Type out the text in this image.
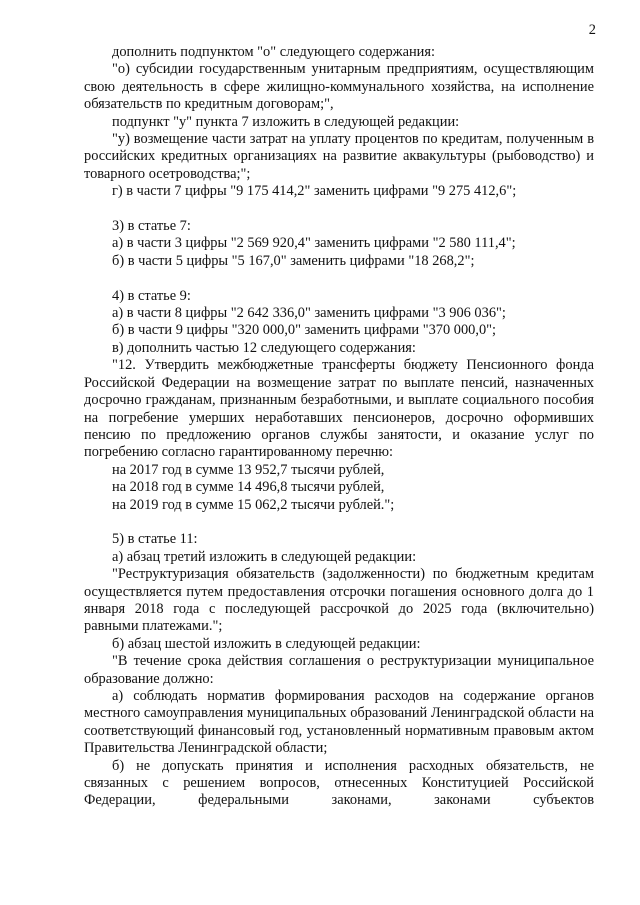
2

дополнить подпунктом "о" следующего содержания:

"о) субсидии государственным унитарным предприятиям, осуществляющим свою деятельность в сфере жилищно-коммунального хозяйства, на исполнение обязательств по кредитным договорам;",

подпункт "у" пункта 7 изложить в следующей редакции:

"у) возмещение части затрат на уплату процентов по кредитам, полученным в российских кредитных организациях на развитие аквакультуры (рыбоводство) и товарного осетроводства;";

г) в части 7 цифры "9 175 414,2" заменить цифрами "9 275 412,6";

3) в статье 7:

а) в части 3 цифры "2 569 920,4" заменить цифрами "2 580 111,4";

б) в части 5 цифры "5 167,0" заменить цифрами "18 268,2";

4) в статье 9:

а) в части 8 цифры "2 642 336,0" заменить цифрами "3 906 036";

б) в части 9 цифры "320 000,0" заменить цифрами "370 000,0";

в) дополнить частью 12 следующего содержания:

"12. Утвердить межбюджетные трансферты бюджету Пенсионного фонда Российской Федерации на возмещение затрат по выплате пенсий, назначенных досрочно гражданам, признанным безработными, и выплате социального пособия на погребение умерших неработавших пенсионеров, досрочно оформивших пенсию по предложению органов службы занятости, и оказание услуг по погребению согласно гарантированному перечню:

на 2017 год в сумме 13 952,7 тысячи рублей,

на 2018 год в сумме 14 496,8 тысячи рублей,

на 2019 год в сумме 15 062,2 тысячи рублей.";

5) в статье 11:

а) абзац третий изложить в следующей редакции:

"Реструктуризация обязательств (задолженности) по бюджетным кредитам осуществляется путем предоставления отсрочки погашения основного долга до 1 января 2018 года с последующей рассрочкой до 2025 года (включительно) равными платежами.";

б) абзац шестой изложить в следующей редакции:

"В течение срока действия соглашения о реструктуризации муниципальное образование должно:

а) соблюдать норматив формирования расходов на содержание органов местного самоуправления муниципальных образований Ленинградской области на соответствующий финансовый год, установленный нормативным правовым актом Правительства Ленинградской области;

б) не допускать принятия и исполнения расходных обязательств, не связанных с решением вопросов, отнесенных Конституцией Российской Федерации, федеральными законами, законами субъектов
